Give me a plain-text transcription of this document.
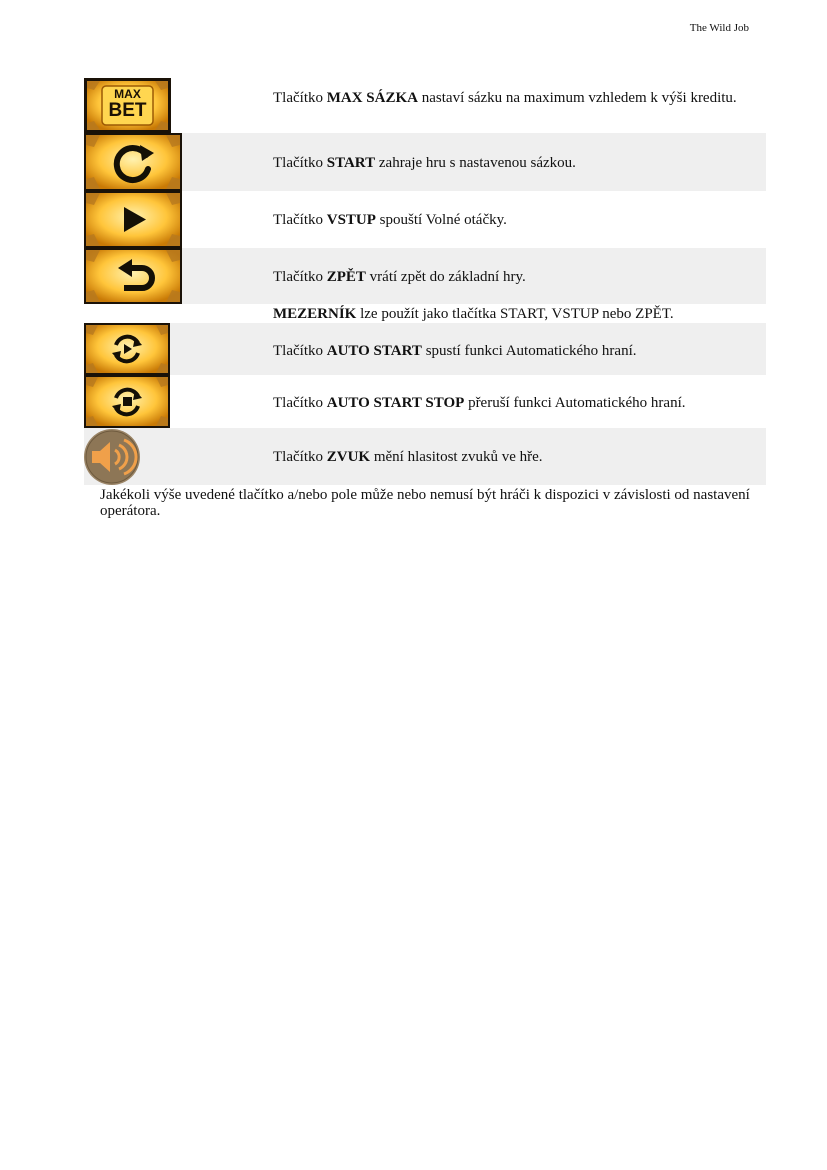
The Wild Job
MAX
BET
Tlačítko MAX SÁZKA nastaví sázku na maximum vzhledem k výši kreditu.
Tlačítko START zahraje hru s nastavenou sázkou.
Tlačítko VSTUP spouští Volné otáčky.
Tlačítko ZPĚT vrátí zpět do základní hry.
MEZERNÍK lze použít jako tlačítka START, VSTUP nebo ZPĚT.
Tlačítko AUTO START spustí funkci Automatického hraní.
Tlačítko AUTO START STOP přeruší funkci Automatického hraní.
Tlačítko ZVUK mění hlasitost zvuků ve hře.
Jakékoli výše uvedené tlačítko a/nebo pole může nebo nemusí být hráči k dispozici v závislosti od nastavení operátora.
